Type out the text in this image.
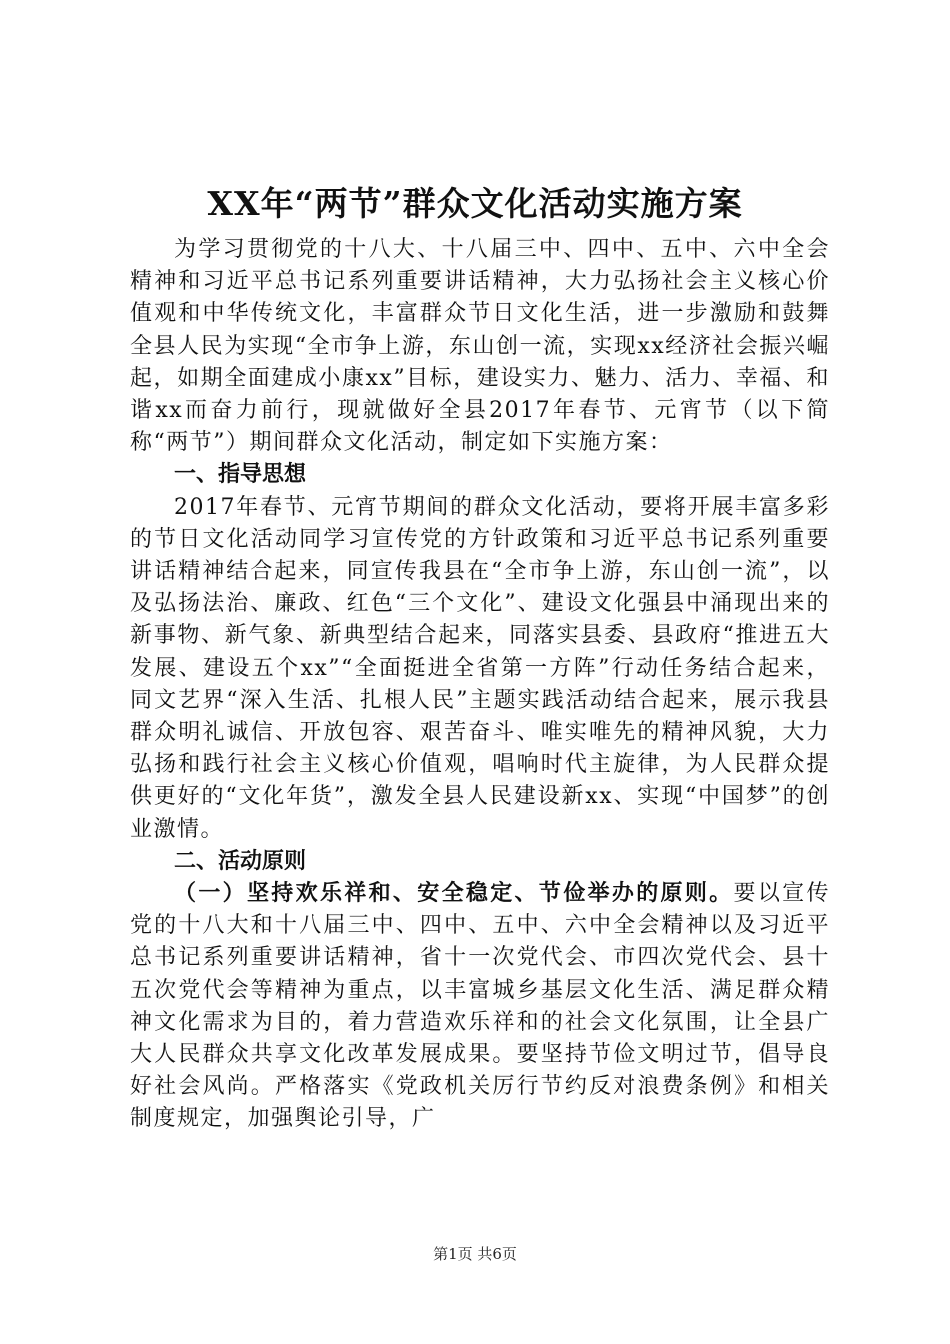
XX年“两节”群众文化活动实施方案

为学习贯彻党的十八大、十八届三中、四中、五中、六中全会精神和习近平总书记系列重要讲话精神，大力弘扬社会主义核心价值观和中华传统文化，丰富群众节日文化生活，进一步激励和鼓舞全县人民为实现“全市争上游，东山创一流，实现xx经济社会振兴崛起，如期全面建成小康xx”目标，建设实力、魅力、活力、幸福、和谐xx而奋力前行，现就做好全县2017年春节、元宵节（以下简称“两节”）期间群众文化活动，制定如下实施方案：

一、指导思想

2017年春节、元宵节期间的群众文化活动，要将开展丰富多彩的节日文化活动同学习宣传党的方针政策和习近平总书记系列重要讲话精神结合起来，同宣传我县在“全市争上游，东山创一流”，以及弘扬法治、廉政、红色“三个文化”、建设文化强县中涌现出来的新事物、新气象、新典型结合起来，同落实县委、县政府“推进五大发展、建设五个xx”“全面挺进全省第一方阵”行动任务结合起来，同文艺界“深入生活、扎根人民”主题实践活动结合起来，展示我县群众明礼诚信、开放包容、艰苦奋斗、唯实唯先的精神风貌，大力弘扬和践行社会主义核心价值观，唱响时代主旋律，为人民群众提供更好的“文化年货”，激发全县人民建设新xx、实现“中国梦”的创业激情。

二、活动原则

（一）坚持欢乐祥和、安全稳定、节俭举办的原则。要以宣传党的十八大和十八届三中、四中、五中、六中全会精神以及习近平总书记系列重要讲话精神，省十一次党代会、市四次党代会、县十五次党代会等精神为重点，以丰富城乡基层文化生活、满足群众精神文化需求为目的，着力营造欢乐祥和的社会文化氛围，让全县广大人民群众共享文化改革发展成果。要坚持节俭文明过节，倡导良好社会风尚。严格落实《党政机关厉行节约反对浪费条例》和相关制度规定，加强舆论引导，广

第1页 共6页
